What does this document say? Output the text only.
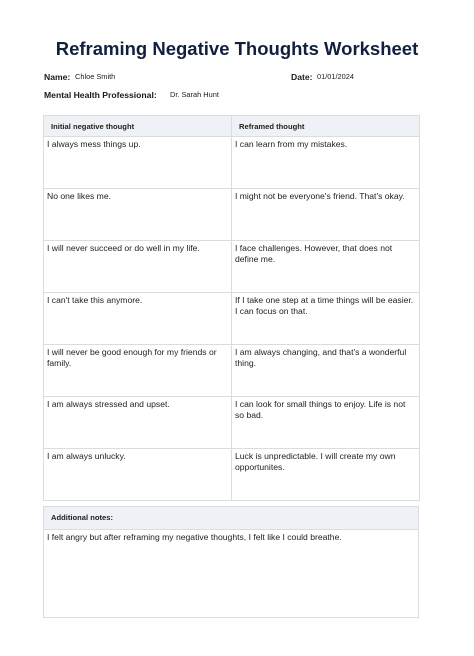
Reframing Negative Thoughts Worksheet
Name: Chloe Smith	Date: 01/01/2024
Mental Health Professional: Dr. Sarah Hunt
Initial negative thought	Reframed thought
I always mess things up.	I can learn from my mistakes.
No one likes me.	I might not be everyone's friend. That's okay.
I will never succeed or do well in my life.	I face challenges. However, that does not define me.
I can't take this anymore.	If I take one step at a time things will be easier. I can focus on that.
I will never be good enough for my friends or family.	I am always changing, and that's a wonderful thing.
I am always stressed and upset.	I can look for small things to enjoy. Life is not so bad.
I am always unlucky.	Luck is unpredictable. I will create my own opportunites.
Additional notes:
I felt angry but after reframing my negative thoughts, I felt like I could breathe.
